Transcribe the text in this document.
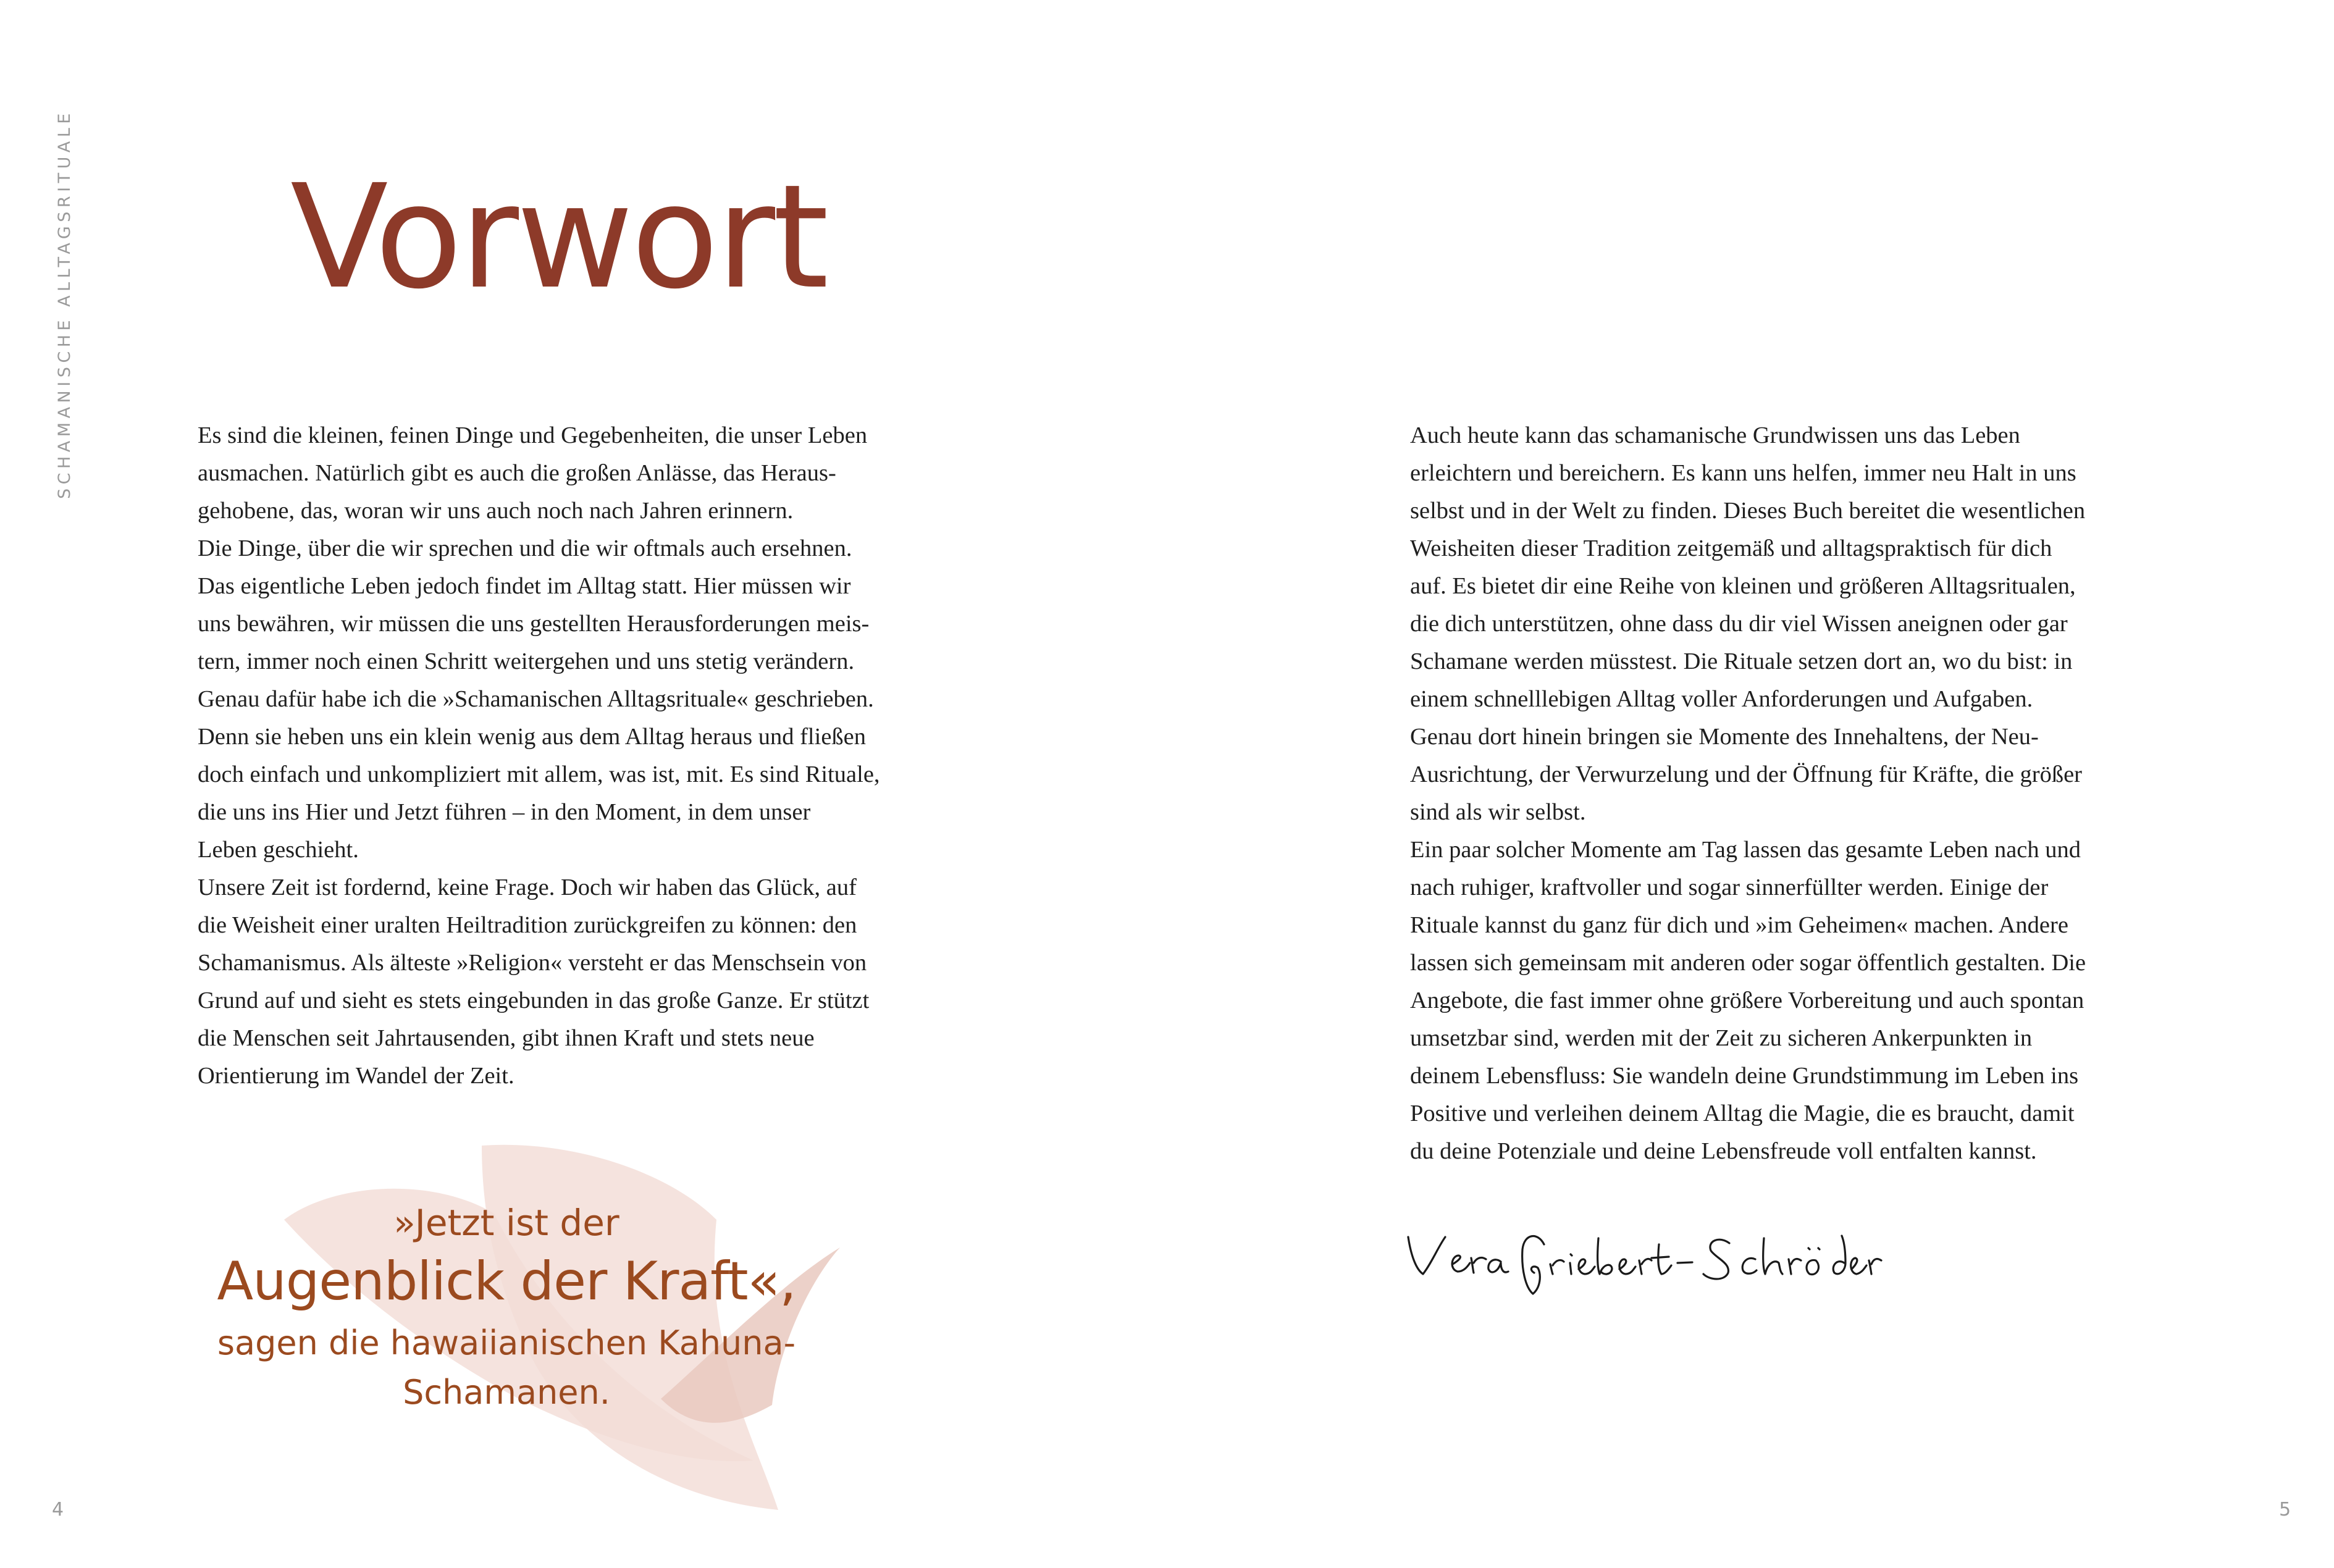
SCHAMANISCHE ALLTAGSRITUALE Vorwort

Es sind die kleinen, feinen Dinge und Gegebenheiten, die unser Leben

ausmachen. Natürlich gibt es auch die großen Anlässe, das Heraus-

gehobene, das, woran wir uns auch noch nach Jahren erinnern.

Die Dinge, über die wir sprechen und die wir oftmals auch ersehnen.

Das eigentliche Leben jedoch findet im Alltag statt. Hier müssen wir

uns bewähren, wir müssen die uns gestellten Herausforderungen meis-

tern, immer noch einen Schritt weitergehen und uns stetig verändern.

Genau dafür habe ich die »Schamanischen Alltagsrituale« geschrieben.

Denn sie heben uns ein klein wenig aus dem Alltag heraus und fließen

doch einfach und unkompliziert mit allem, was ist, mit. Es sind Rituale,

die uns ins Hier und Jetzt führen – in den Moment, in dem unser

Leben geschieht.

Unsere Zeit ist fordernd, keine Frage. Doch wir haben das Glück, auf

die Weisheit einer uralten Heiltradition zurückgreifen zu können: den

Schamanismus. Als älteste »Religion« versteht er das Menschsein von

Grund auf und sieht es stets eingebunden in das große Ganze. Er stützt

die Menschen seit Jahrtausenden, gibt ihnen Kraft und stets neue

Orientierung im Wandel der Zeit.

Auch heute kann das schamanische Grundwissen uns das Leben

erleichtern und bereichern. Es kann uns helfen, immer neu Halt in uns

selbst und in der Welt zu finden. Dieses Buch bereitet die wesentlichen

Weisheiten dieser Tradition zeitgemäß und alltagspraktisch für dich

auf. Es bietet dir eine Reihe von kleinen und größeren Alltagsritualen,

die dich unterstützen, ohne dass du dir viel Wissen aneignen oder gar

Schamane werden müsstest. Die Rituale setzen dort an, wo du bist: in

einem schnelllebigen Alltag voller Anforderungen und Aufgaben.

Genau dort hinein bringen sie Momente des Innehaltens, der Neu-

Ausrichtung, der Verwurzelung und der Öffnung für Kräfte, die größer

sind als wir selbst.

Ein paar solcher Momente am Tag lassen das gesamte Leben nach und

nach ruhiger, kraftvoller und sogar sinnerfüllter werden. Einige der

Rituale kannst du ganz für dich und »im Geheimen« machen. Andere

lassen sich gemeinsam mit anderen oder sogar öffentlich gestalten. Die

Angebote, die fast immer ohne größere Vorbereitung und auch spontan

umsetzbar sind, werden mit der Zeit zu sicheren Ankerpunkten in

deinem Lebensfluss: Sie wandeln deine Grundstimmung im Leben ins

Positive und verleihen deinem Alltag die Magie, die es braucht, damit

du deine Potenziale und deine Lebensfreude voll entfalten kannst.

»Jetzt ist der
Augenblick der Kraft«,
sagen die hawaiianischen Kahuna-Schamanen.
4	5
